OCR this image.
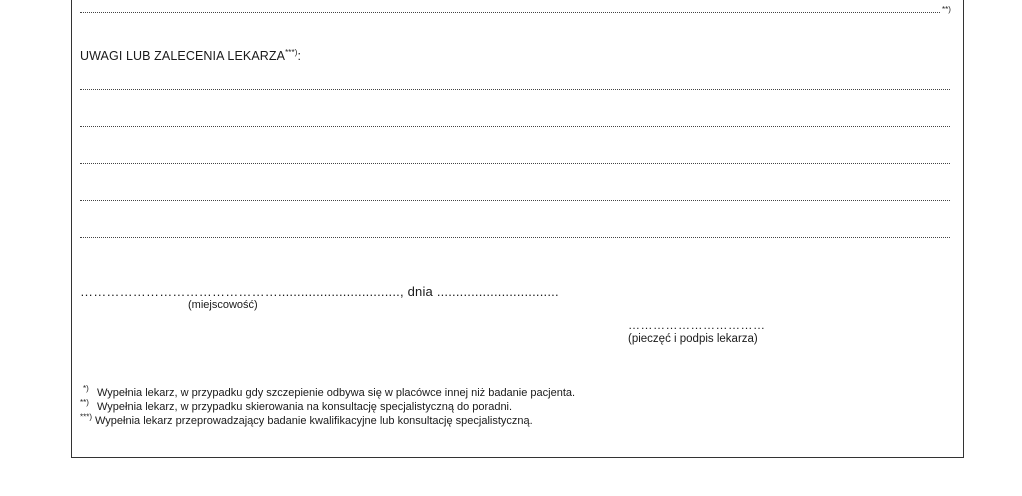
**)
UWAGI LUB ZALECENIA LEKARZA***):
………………………………………................................, dnia ................................
(miejscowość)
……………………………
(pieczęć i podpis lekarza)
*) Wypełnia lekarz, w przypadku gdy szczepienie odbywa się w placówce innej niż badanie pacjenta.
**) Wypełnia lekarz, w przypadku skierowania na konsultację specjalistyczną do poradni.
***) Wypełnia lekarz przeprowadzający badanie kwalifikacyjne lub konsultację specjalistyczną.
